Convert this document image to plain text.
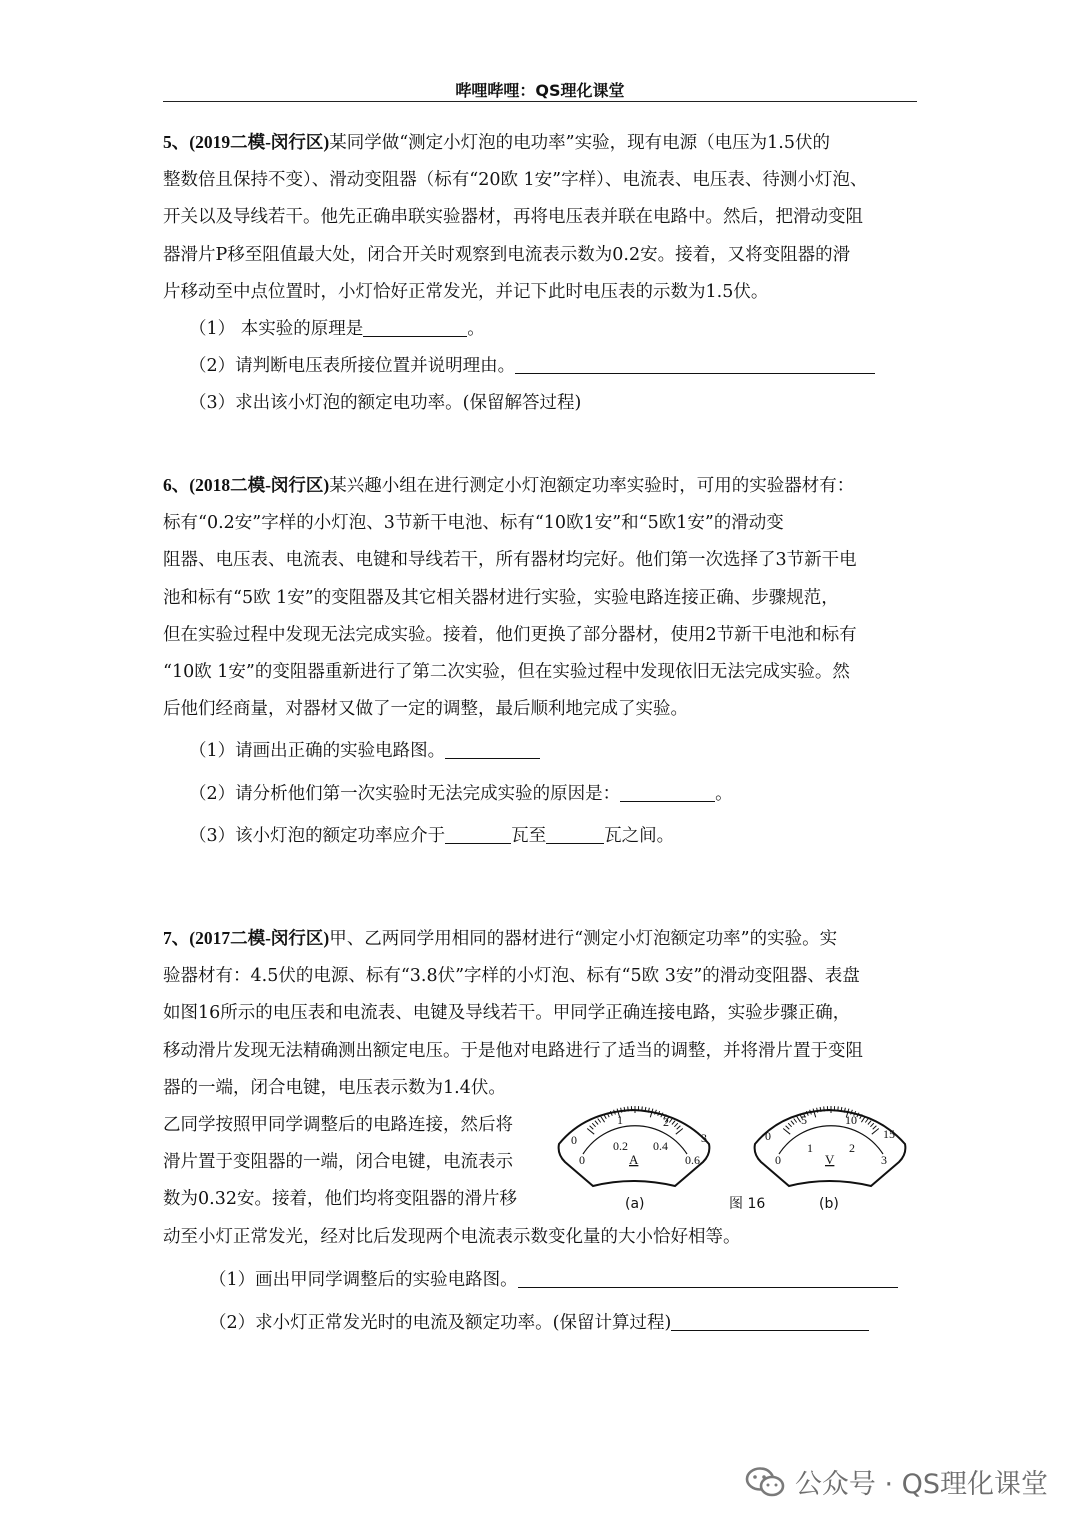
哔哩哔哩：QS理化课堂

5、(2019二模-闵行区)某同学做“测定小灯泡的电功率”实验，现有电源（电压为1.5伏的

整数倍且保持不变）、滑动变阻器（标有“20欧 1安”字样）、电流表、电压表、待测小灯泡、

开关以及导线若干。他先正确串联实验器材，再将电压表并联在电路中。然后，把滑动变阻

器滑片P移至阻值最大处，闭合开关时观察到电流表示数为0.2安。接着，又将变阻器的滑

片移动至中点位置时，小灯恰好正常发光，并记下此时电压表的示数为1.5伏。

（1） 本实验的原理是	。

（2）请判断电压表所接位置并说明理由。

（3）求出该小灯泡的额定电功率。(保留解答过程)

6、(2018二模-闵行区)某兴趣小组在进行测定小灯泡额定功率实验时，可用的实验器材有：

标有“0.2安”字样的小灯泡、3节新干电池、标有“10欧1安”和“5欧1安”的滑动变

阻器、电压表、电流表、电键和导线若干，所有器材均完好。他们第一次选择了3节新干电

池和标有“5欧 1安”的变阻器及其它相关器材进行实验，实验电路连接正确、步骤规范，

但在实验过程中发现无法完成实验。接着，他们更换了部分器材，使用2节新干电池和标有

“10欧 1安”的变阻器重新进行了第二次实验，但在实验过程中发现依旧无法完成实验。然

后他们经商量，对器材又做了一定的调整，最后顺利地完成了实验。

（1）请画出正确的实验电路图。

（2）请分析他们第一次实验时无法完成实验的原因是：	。

（3）该小灯泡的额定功率应介于	瓦至	瓦之间。

7、(2017二模-闵行区)甲、乙两同学用相同的器材进行“测定小灯泡额定功率”的实验。实

验器材有：4.5伏的电源、标有“3.8伏”字样的小灯泡、标有“5欧 3安”的滑动变阻器、表盘

如图16所示的电压表和电流表、电键及导线若干。甲同学正确连接电路，实验步骤正确，

移动滑片发现无法精确测出额定电压。于是他对电路进行了适当的调整，并将滑片置于变阻

器的一端，闭合电键，电压表示数为1.4伏。

乙同学按照甲同学调整后的电路连接，然后将

滑片置于变阻器的一端，闭合电键，电流表示

数为0.32安。接着，他们均将变阻器的滑片移

动至小灯正常发光，经对比后发现两个电流表示数变化量的大小恰好相等。

（1）画出甲同学调整后的实验电路图。

（2）求小灯正常发光时的电流及额定功率。(保留计算过程)

0
1	2
3
0
0.2 0.4
0.6
A
0
5	10
15
0
1	2
3
V
(a)	图 16	(b)
公众号 · QS理化课堂
